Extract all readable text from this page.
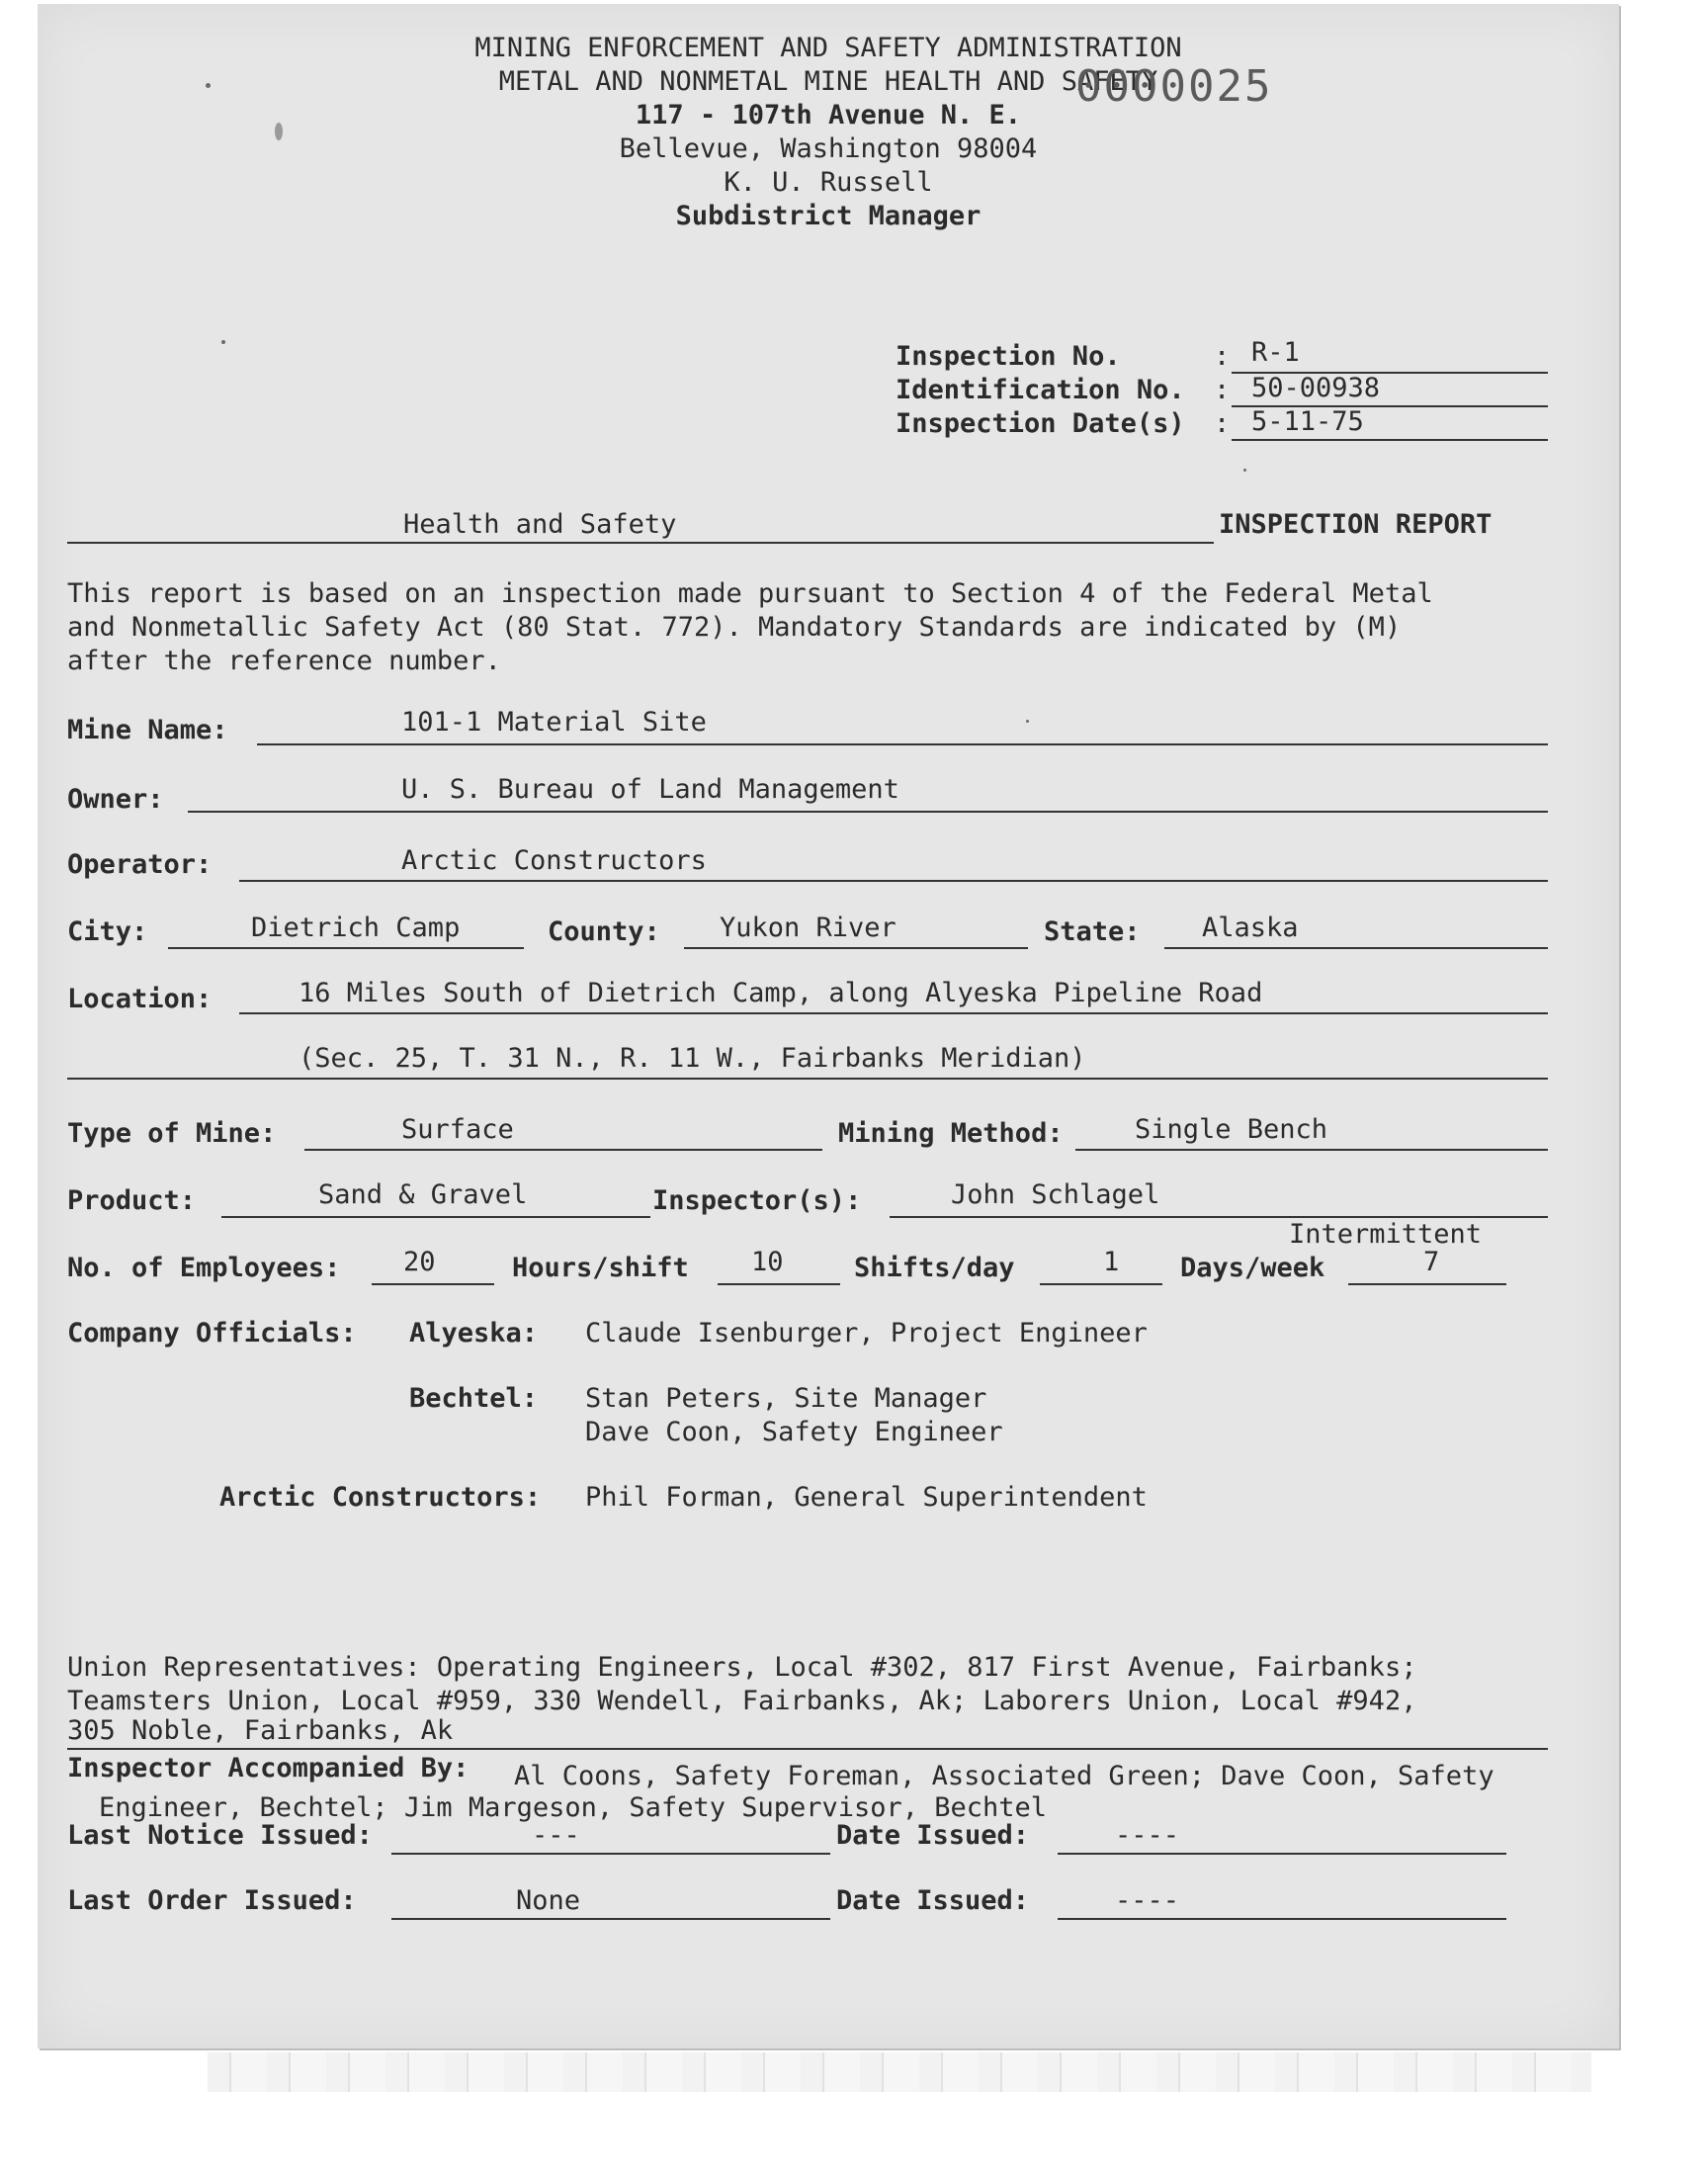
MINING ENFORCEMENT AND SAFETY ADMINISTRATION
METAL AND NONMETAL MINE HEALTH AND SAFETY
117 - 107th Avenue N. E.
Bellevue, Washington 98004
K. U. Russell
Subdistrict Manager
0000025
Inspection No.	: R-1
Identification No. : 50-00938
Inspection Date(s) : 5-11-75
Health and Safety	INSPECTION REPORT
This report is based on an inspection made pursuant to Section 4 of the Federal Metal
and Nonmetallic Safety Act (80 Stat. 772). Mandatory Standards are indicated by (M)
after the reference number.
Mine Name:	101-1 Material Site
Owner:	U. S. Bureau of Land Management
Operator:	Arctic Constructors
City:	Dietrich Camp	County: Yukon River	State: Alaska
Location:	16 Miles South of Dietrich Camp, along Alyeska Pipeline Road
(Sec. 25, T. 31 N., R. 11 W., Fairbanks Meridian)
Type of Mine:	Surface	Mining Method:	Single Bench
Product:	Sand & Gravel	Inspector(s):	John Schlagel
Intermittent
No. of Employees: 20	Hours/shift 10	Shifts/day	1 Days/week	7
Company Officials: Alyeska: Claude Isenburger, Project Engineer
Bechtel: Stan Peters, Site Manager
Dave Coon, Safety Engineer
Arctic Constructors: Phil Forman, General Superintendent
Union Representatives: Operating Engineers, Local #302, 817 First Avenue, Fairbanks;
Teamsters Union, Local #959, 330 Wendell, Fairbanks, Ak; Laborers Union, Local #942,
305 Noble, Fairbanks, Ak
Inspector Accompanied By: Al Coons, Safety Foreman, Associated Green; Dave Coon, Safety
Engineer, Bechtel; Jim Margeson, Safety Supervisor, Bechtel
Last Notice Issued:	---	Date Issued:	----
Last Order Issued:	None	Date Issued:	----
